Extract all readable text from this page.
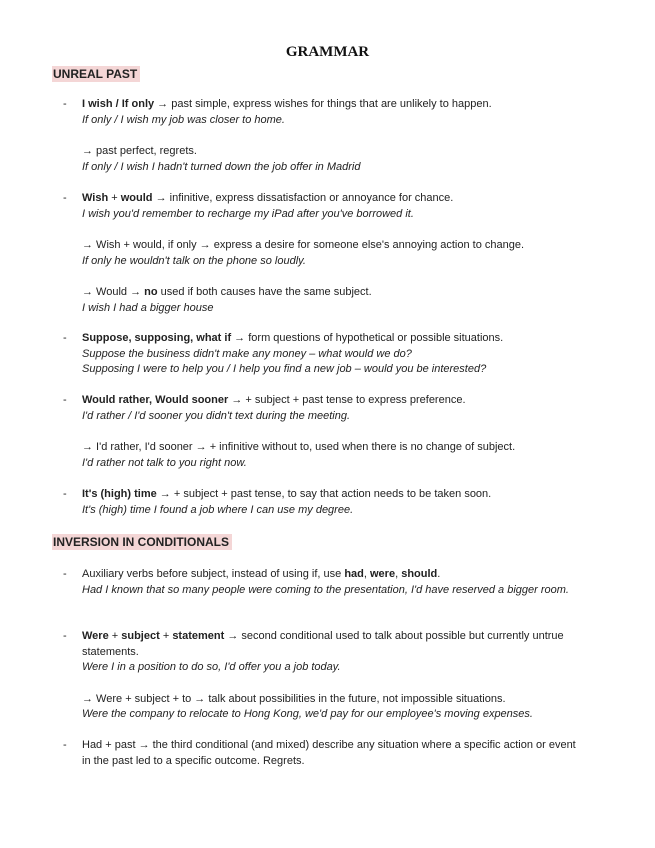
GRAMMAR
UNREAL PAST
- I wish / If only → past simple, express wishes for things that are unlikely to happen.
If only / I wish my job was closer to home.
→ past perfect, regrets.
If only / I wish I hadn't turned down the job offer in Madrid
- Wish + would → infinitive, express dissatisfaction or annoyance for chance.
I wish you'd remember to recharge my iPad after you've borrowed it.
→ Wish + would, if only → express a desire for someone else's annoying action to change.
If only he wouldn't talk on the phone so loudly.
→ Would → no used if both causes have the same subject.
I wish I had a bigger house
- Suppose, supposing, what if → form questions of hypothetical or possible situations.
Suppose the business didn't make any money – what would we do?
Supposing I were to help you / I help you find a new job – would you be interested?
- Would rather, Would sooner → + subject + past tense to express preference.
I'd rather / I'd sooner you didn't text during the meeting.
→ I'd rather, I'd sooner → + infinitive without to, used when there is no change of subject.
I'd rather not talk to you right now.
- It's (high) time → + subject + past tense, to say that action needs to be taken soon.
It's (high) time I found a job where I can use my degree.
INVERSION IN CONDITIONALS
- Auxiliary verbs before subject, instead of using if, use had, were, should.
Had I known that so many people were coming to the presentation, I'd have reserved a bigger room.
- Were + subject + statement → second conditional used to talk about possible but currently untrue statements.
Were I in a position to do so, I'd offer you a job today.
→ Were + subject + to → talk about possibilities in the future, not impossible situations.
Were the company to relocate to Hong Kong, we'd pay for our employee's moving expenses.
- Had + past → the third conditional (and mixed) describe any situation where a specific action or event in the past led to a specific outcome. Regrets.
